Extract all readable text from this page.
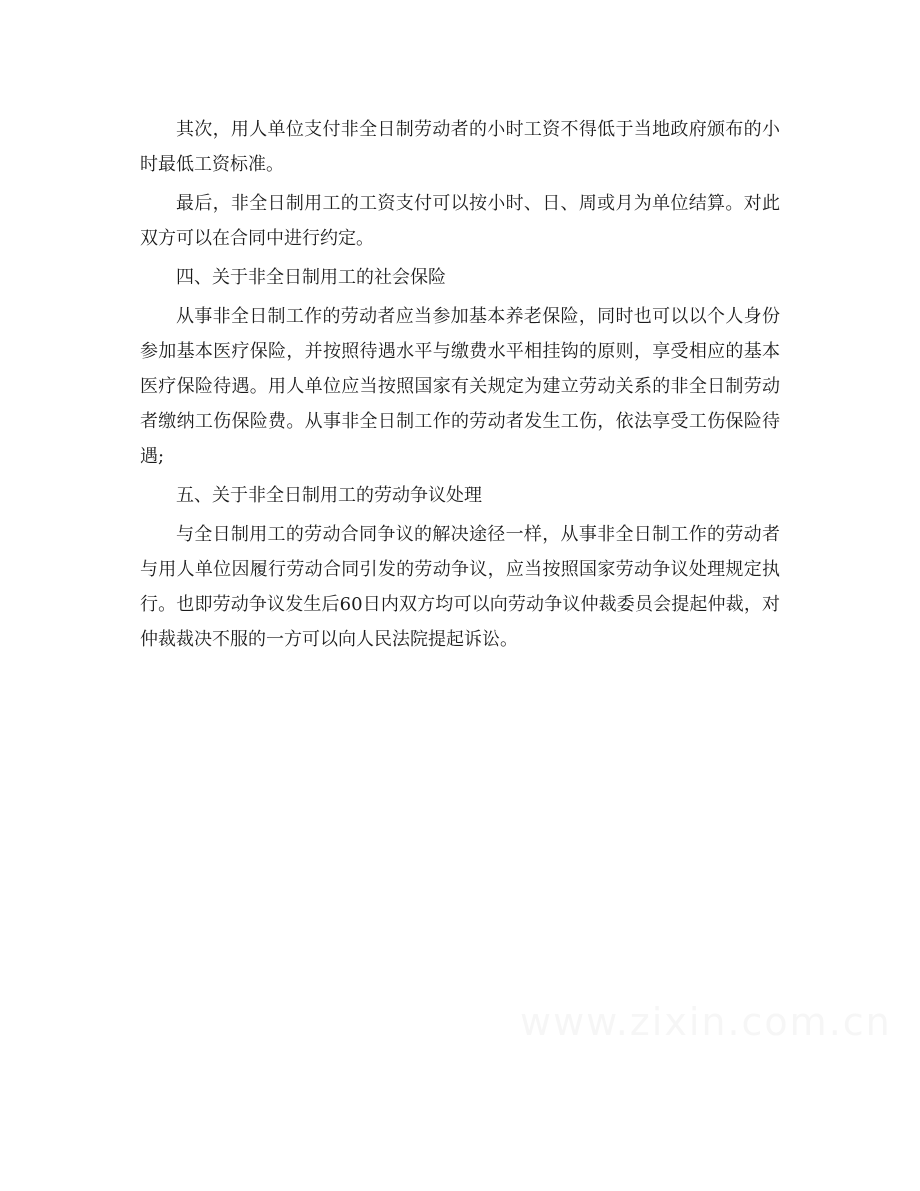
其次，用人单位支付非全日制劳动者的小时工资不得低于当地政府颁布的小时最低工资标准。

最后，非全日制用工的工资支付可以按小时、日、周或月为单位结算。对此双方可以在合同中进行约定。

四、关于非全日制用工的社会保险

从事非全日制工作的劳动者应当参加基本养老保险，同时也可以以个人身份参加基本医疗保险，并按照待遇水平与缴费水平相挂钩的原则，享受相应的基本医疗保险待遇。用人单位应当按照国家有关规定为建立劳动关系的非全日制劳动者缴纳工伤保险费。从事非全日制工作的劳动者发生工伤，依法享受工伤保险待遇;

五、关于非全日制用工的劳动争议处理

与全日制用工的劳动合同争议的解决途径一样，从事非全日制工作的劳动者与用人单位因履行劳动合同引发的劳动争议，应当按照国家劳动争议处理规定执行。也即劳动争议发生后60日内双方均可以向劳动争议仲裁委员会提起仲裁，对仲裁裁决不服的一方可以向人民法院提起诉讼。

www.zixin.com.cn
